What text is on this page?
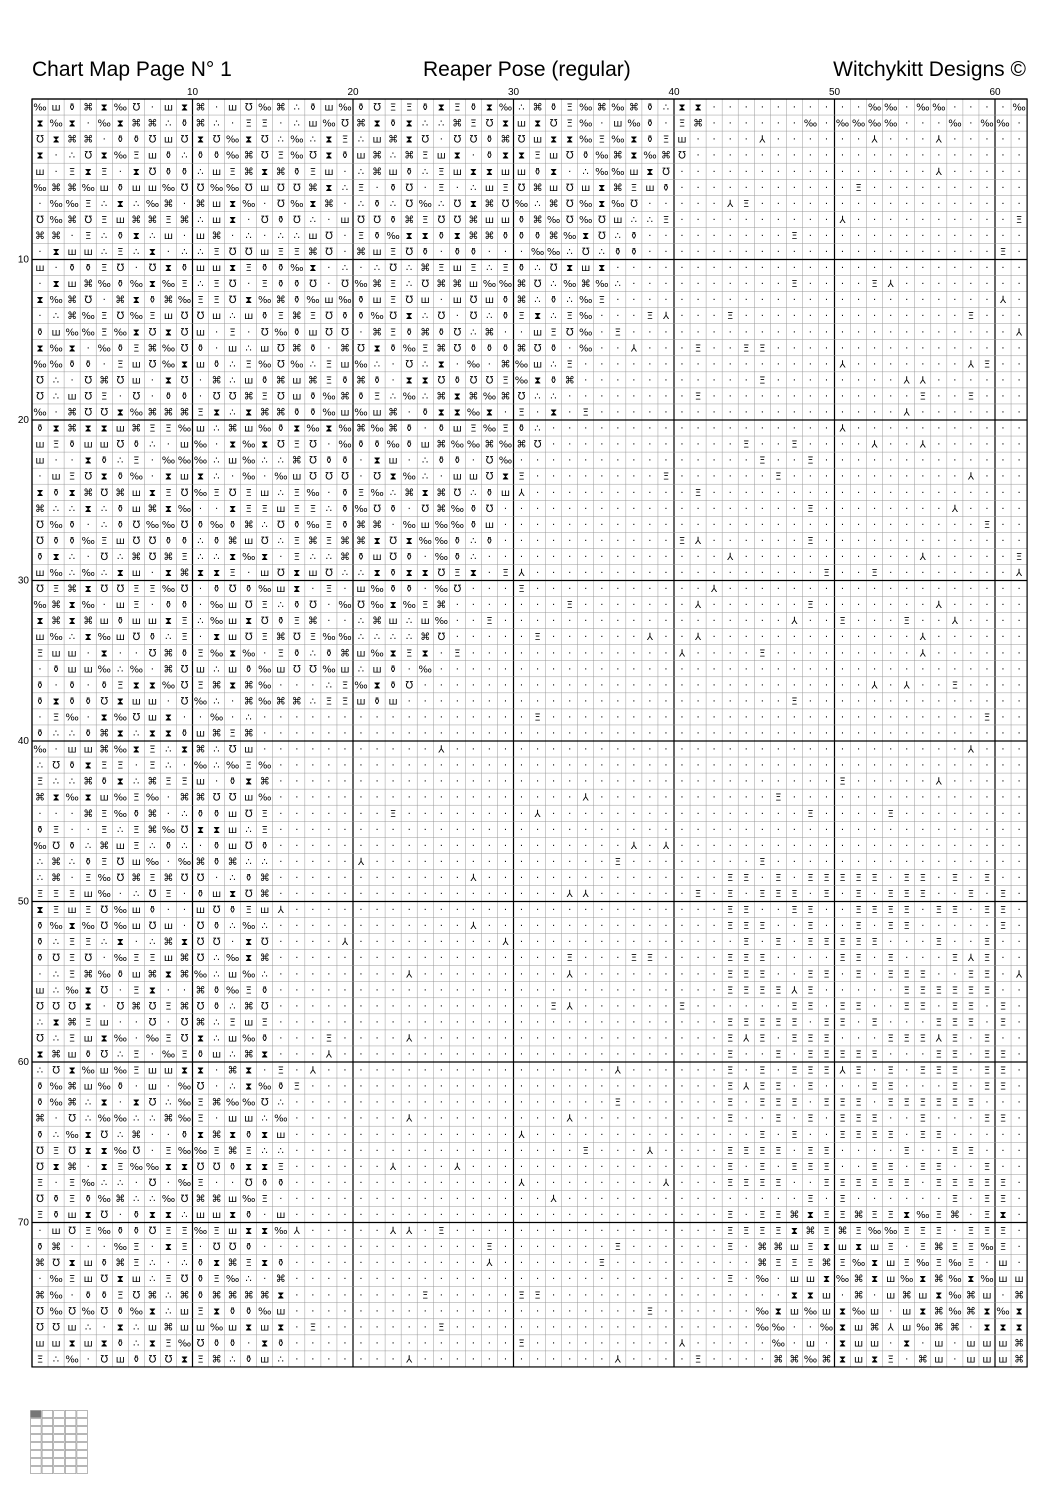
Chart Map Page N° 1	Reaper Pose (regular)	Witchykitt Designs ©
‰ ш ⚱ ⌘ ⧗ ‰ ℧ · ш ⧗ ⌘ · ш ℧ ‰ ⌘ ∴ ⚱ ш ‰ ⚱ ℧ Ξ Ξ ⚱ ⧗ Ξ ⚱ ⧗ ‰ ∴ ⌘ ⚱ Ξ ‰ ⌘ ‰ ⌘ ⚱ ∴ ⧗ ⧗ · · · · · · · · · · ‰ ‰ · ‰ ‰ · · · · ‰
⧗ ‰ ⧗ · ‰ ⧗ ⌘ ⌘ ∴ ⚱ ⌘ ∴ · Ξ Ξ · ∴ ш ‰ ℧ ⌘ ⧗ ⚱ ⧗ ∴ ∴ ⌘ Ξ ℧ ⧗ ш ⧗ ℧ Ξ ‰ · ш ‰ ⚱ · Ξ ⌘ · · · · · · ‰ · ‰ ‰ ‰ ‰ · · · ‰ · ‰ ‰ ·
℧ ⧗ ⌘ ⌘ · ⚱ ⚱ ℧ ш ℧ ⧗ ℧ ‰ ⧗ ℧ ∴ ‰ ∴ ⧗ Ξ ∴ ш ⌘ ⧗ ℧ · ℧ ℧ ⚱ ⌘ ℧ ш ⧗ ⧗ ‰ Ξ ‰ ⧗ ⚱ Ξ ш · · · · ⅄ · · · · · · ⅄ · · · ⅄ · · · · ·
⧗ · ∴ ℧ ⧗ ‰ Ξ ш ⚱ ∴ ⚱ ⚱ ‰ ⌘ ℧ Ξ ‰ ℧ ⧗ ⚱ ш ⌘ ∴ ⌘ Ξ ш ⧗ · ⚱ ⧗ ⧗ Ξ ш ℧ ⚱ ‰ ⌘ ⧗ ‰ ⌘ ℧ · · · · · · · · · · · · · · · · · · · · ·
ш · Ξ ⧗ Ξ · ⧗ ℧ ⚱ ⚱ ∴ ш Ξ ⌘ ⧗ ⌘ ⚱ Ξ ш · ∴ ⌘ ш ⚱ ∴ Ξ ш ⧗ ⧗ ш ш ⚱ ⧗ · ∴ ‰ ‰ ш ⧗ ℧ · · · · · · · · · · · · · · · · ⅄ · · · · ·
‰ ⌘ ⌘ ‰ ш ⚱ ш ш ‰ ℧ ℧ ‰ ‰ ℧ ш ℧ ℧ ⌘ ⧗ ∴ Ξ · ⚱ ℧ · Ξ · ∴ ш Ξ ℧ ⌘ ш ℧ ш ⧗ ⌘ Ξ ш ⚱ · · · · · · · · · · · Ξ · · · · · · · · · ·
· ‰ ‰ Ξ ∴ ⧗ ∴ ‰ ⌘ · ⌘ ш ⧗ ‰ · ℧ ‰ ⧗ ⌘ · ∴ ⚱ ∴ ℧ ‰ ∴ ℧ ⧗ ⌘ ℧ ‰ ∴ ⌘ ℧ ‰ ⧗ ‰ ℧ · · · · · ⅄ Ξ · · · · · · · · · · · · · · · · ·
℧ ‰ ⌘ ℧ Ξ ш ⌘ ⌘ Ξ ⌘ ∴ ш ⧗ · ℧ ⚱ ℧ ∴ · ш ℧ ℧ ⚱ ⌘ Ξ ℧ ℧ ⌘ ш ш ⚱ ⌘ ‰ ℧ ‰ ℧ ш ∴ ∴ Ξ · · · · · · · · · · ⅄ · · · · · · · · · · Ξ
⌘ ⌘ · Ξ ∴ ⚱ ⧗ ∴ ш · ш ⌘ · ∴ · ∴ ∴ ш ℧ · Ξ ⚱ ‰ ⧗ ⧗ ⚱ ⧗ ⌘ ⌘ ⚱ ⚱ ⚱ ⌘ ‰ ⧗ ℧ ∴ ⚱ · · · · · · · · · Ξ · · · · · · · · · · · · · ·
· ⧗ ш ш ∴ Ξ ∴ ⧗ · ∴ ∴ Ξ ℧ ℧ ш Ξ Ξ ⌘ ℧ · ⌘ ш Ξ ℧ ⚱ · ⚱ ⚱ · · · ‰ ‰ ∴ ℧ ∴ ⚱ ⚱ · · · · · · · · · · · · · · · · · · · · · · Ξ ·
ш · ⚱ ⚱ Ξ ℧ · ℧ ⧗ ⚱ ш ш ⧗ Ξ ⚱ ⚱ ‰ ⧗ · ∴ · ∴ ℧ ∴ ⌘ Ξ ш Ξ ∴ Ξ ⚱ ∴ ℧ ⧗ ш ⧗ · · · · · · · · · · · · · · · · · · · · · · · · · ·
· ⧗ ш ⌘ ‰ ⚱ ‰ ⧗ ‰ Ξ ∴ Ξ ℧ · Ξ ⚱ ⚱ ℧ · ℧ ‰ ⌘ Ξ ∴ ℧ ⌘ ⌘ ш ‰ ‰ ⌘ ℧ ∴ ‰ ⌘ ‰ ∴ · · · · · · · · · · Ξ · · · · Ξ ⅄ · · · · · · · ·
⧗ ‰ ⌘ ℧ · ⌘ ⧗ ⚱ ⌘ ‰ Ξ Ξ ℧ ⧗ ‰ ⌘ ⚱ ‰ ш ‰ ⚱ ш Ξ ℧ ш · ш ℧ ш ⚱ ⌘ ∴ ⚱ ∴ ‰ Ξ · · · · · · · · · · · · · · · · · · · · · · · · ⅄ ·
· ∴ ⌘ ‰ Ξ ℧ ‰ Ξ ш ℧ ℧ ш ∴ ш ⚱ Ξ ⌘ Ξ ℧ ⚱ ⚱ ‰ ℧ ⧗ ∴ ℧ · ℧ ∴ ⚱ Ξ ⧗ ∴ Ξ ‰ · · · Ξ ⅄ · · · Ξ · · · · · · · · · · · · · · Ξ · · ·
⚱ ш ‰ ‰ Ξ ‰ ⧗ ℧ ⧗ ℧ ш · Ξ · ℧ ‰ ⚱ ш ℧ ℧ · ⌘ Ξ ⚱ ⌘ ⚱ ℧ ∴ ⌘ · · ш Ξ ℧ ‰ · Ξ · · · · · · · · · · · · · · · · · · · · · · · · ⅄
⧗ ‰ ⧗ · ‰ ⚱ Ξ ⌘ ‰ ℧ ⚱ · ш ∴ ш ℧ ⌘ ⚱ · ⌘ ℧ ⧗ ⚱ ‰ Ξ ⌘ ℧ ⚱ ⚱ ⚱ ⌘ ℧ ⚱ · ‰ · · ⅄ · · · Ξ · · Ξ Ξ · · · · · · · · · · · · · · · ·
‰ ‰ ⚱ ⚱ · Ξ ш ℧ ‰ ⧗ ш ⚱ ∴ Ξ ‰ ℧ ‰ ∴ Ξ ш ‰ ∴ · ℧ ∴ ⧗ · ‰ · ⌘ ‰ ш ∴ Ξ · · · · · · · · · · · · · · · · ⅄ · · · · · · · ⅄ Ξ · ·
℧ ∴ · ℧ ⌘ ℧ ш · ⧗ ℧ · ⌘ ∴ ш ⚱ ⌘ ш ⌘ Ξ ⚱ ⌘ ⚱ · ⧗ ⧗ ℧ ⚱ ℧ ℧ Ξ ‰ ⧗ ⚱ ⌘ · · · · · · · · · · · Ξ · · · · · · · · ⅄ ⅄ · · · · · ·
℧ ∴ ш ℧ Ξ · ℧ · ⚱ ⚱ · ℧ ℧ ⌘ Ξ ℧ ш ⚱ ‰ ⌘ ⚱ Ξ ∴ ‰ ∴ ⌘ ⧗ ⌘ ‰ ⌘ ℧ ∴ ∴ · · · · · · · · Ξ · · · · · · · · · · · · · Ξ · · Ξ · · ·
‰ · ⌘ ℧ ℧ ⧗ ‰ ⌘ ⌘ ⌘ Ξ ⧗ ∴ ⧗ ⌘ ⌘ ⚱ ⚱ ‰ ш ‰ ш ⌘ · ⚱ ⧗ ⧗ ‰ ⧗ · Ξ · ⧗ · Ξ · · · · · · · · · · · · · · · · · · · ⅄ · · · · · · ·
⚱ ⧗ ⌘ ⧗ ⧗ ш ⌘ Ξ Ξ ‰ ш ∴ ⌘ ш ‰ ⚱ ⧗ ‰ ⧗ ‰ ⌘ ‰ ⌘ ⚱ · ⚱ ш Ξ ‰ Ξ ⚱ ∴ · · · · · · · · · · · · · · · · · · ⅄ · · · · · · · · · · ·
ш Ξ ⚱ ш ш ℧ ⚱ ∴ · ш ‰ · ⧗ ‰ ⧗ ℧ Ξ ℧ · ‰ ⚱ ⚱ ‰ ⚱ ш ⌘ ‰ ‰ ⌘ ‰ ⌘ ℧ · · · · · · · · · · · · Ξ · · Ξ · · · · ⅄ · · ⅄ · · · · · ·
ш · · ⧗ ⚱ ∴ Ξ · ‰ ‰ ‰ ∴ ш ‰ ∴ ∴ ⌘ ℧ ⚱ ⚱ · ⧗ ш · ∴ ⚱ ⚱ · ℧ ‰ · · · · · · · · · · · · · · · Ξ · · Ξ · · · · · · · · · · · · ·
· ш Ξ ℧ ⧗ ⚱ ‰ · ⧗ ш ⧗ ∴ · ‰ · ‰ ш ℧ ℧ ℧ · ℧ ⧗ ‰ ∴ · ш ш ℧ ⧗ Ξ · · · · · · · · Ξ · · · · · · Ξ · · · · · · · · · · · ⅄ · · ·
⧗ ⚱ ⧗ ⌘ ℧ ⌘ ш ⧗ Ξ ℧ ‰ Ξ ℧ Ξ ш ∴ Ξ ‰ · ⚱ Ξ ‰ ∴ ⌘ ⧗ ⌘ ℧ ∴ ⚱ ш ⅄ · · · · · · · · · · Ξ · · · · · · · · · · · · · · · · · · · ·
⌘ ∴ ∴ ⧗ ∴ ⚱ ш ⌘ ⧗ ‰ · · ⧗ Ξ Ξ ш Ξ Ξ ∴ ⚱ ‰ ℧ ⚱ · ℧ ⌘ ‰ ⚱ ℧ · · · · · · · · · · · · · · · · · · · Ξ · · · · · · · · ⅄ · · · ·
℧ ‰ ⚱ · ∴ ⚱ ℧ ‰ ‰ ℧ ⚱ ‰ ⚱ ⌘ ∴ ℧ ⚱ ‰ Ξ ⚱ ⌘ ⌘ · ‰ ш ‰ ‰ ⚱ ш · · · · · · · · · · · · · · · · · · · · · · · · · · · · · · Ξ · ·
℧ ⚱ ⚱ ‰ Ξ ш ℧ ℧ ⚱ ⚱ ∴ ⚱ ⌘ ш ℧ ∴ Ξ ⌘ Ξ ⌘ ⌘ ⧗ ℧ ⧗ ‰ ‰ ⚱ ∴ ⚱ · · · · · · · · · · · Ξ ⅄ · · · · · · Ξ · · · · · · · · · · · · ·
⚱ ⧗ ∴ · ℧ ∴ ⌘ ℧ ⌘ Ξ ∴ ∴ ⧗ ‰ ⧗ · Ξ ∴ ∴ ⌘ ⚱ ш ℧ ⚱ · ‰ ⚱ ∴ · · · · · · · · · · · · · · · ⅄ · · · · · · · · · · · ⅄ · · · · · Ξ
ш ‰ ∴ ‰ ∴ ⧗ ш · ⧗ ⌘ ⧗ ⧗ Ξ · ш ℧ ⧗ ш ℧ ∴ ∴ ⧗ ⚱ ⧗ ⧗ ℧ Ξ ⧗ · Ξ ⅄ · · · · · · · · · · · · · · · · · · Ξ · · Ξ · · · · · · · · ⅄
℧ Ξ ⌘ ⧗ ℧ ℧ Ξ Ξ ‰ ℧ · ⚱ ℧ ⚱ ‰ ш ⧗ · Ξ · ш ‰ ⚱ ⚱ · ‰ ℧ · · · Ξ · · · · · · · · · · · ⅄ · · · · · · · · · · · · · · · · · · ·
‰ ⌘ ⧗ ‰ · ш Ξ · ⚱ ⚱ · ‰ ш ℧ Ξ ∴ ⚱ ℧ · ‰ ℧ ‰ ⧗ ‰ Ξ ⌘ · · · · · · · Ξ · · · · · · · ⅄ · · · · · · Ξ · · · · · · · ⅄ · · · · ·
⧗ ⌘ ⧗ ⌘ ш ⚱ ш ш ⧗ Ξ ∴ ‰ ш ⧗ ℧ ⚱ Ξ ⌘ · · ∴ ⌘ ш ∴ ш ‰ · · Ξ · · · · · · · · · · · · · · · · · · ⅄ · · Ξ · · · Ξ · · ⅄ · · · ·
ш ‰ ∴ ⧗ ‰ ш ℧ ⚱ ∴ Ξ · ⧗ ш ℧ Ξ ⌘ ℧ Ξ ‰ ‰ ∴ ∴ ∴ ∴ ⌘ ℧ · · · · · Ξ · · · · · · ⅄ · · ⅄ · · · · · · · · · · · · · ⅄ · · · · · ·
Ξ ш ш · ⧗ · · ℧ ⌘ ⚱ Ξ ‰ ⧗ ‰ · Ξ ⚱ ∴ ⚱ ⌘ ш ‰ ⧗ Ξ ⧗ · Ξ · · · · · · · · · · · · · ⅄ · · · · Ξ · · · · · · · · · ⅄ · · · · · ·
· ⚱ ш ш ‰ ∴ ‰ · ⌘ ℧ ш ∴ ш ⚱ ‰ ш ℧ ℧ ‰ ш ∴ ш ⚱ · ‰ · · · · · · · · · · · · · · · · · · · · · · · · · · · · · · · · · · · · ·
⚱ · ⚱ · ⚱ Ξ ⧗ ⧗ ‰ ℧ Ξ ⌘ ⧗ ⌘ ‰ · · · ∴ Ξ ‰ ⧗ ⚱ ℧ · · · · · · · · · · · · · · · · · · · · · · · · · · · · ⅄ · ⅄ · · Ξ · · · ·
⚱ ⧗ ⚱ ⚱ ℧ ⧗ ш ш · ℧ ‰ ∴ · ⌘ ‰ ⌘ ⌘ ∴ Ξ Ξ ш ⚱ ш · · · · · · · · · · · · · · · · · · · · · · · · Ξ · · · · · · · · · · · · · ·
· Ξ ‰ · ⧗ ‰ ℧ ш ⧗ · · ‰ · ∴ · · · · · · · · · · · · · · · · · Ξ · · · · · · · · · · · · · · · · · · · · · · · · · · · Ξ · ·
⚱ ∴ ∴ ⚱ ⌘ ⧗ ∴ ⧗ ⧗ ⚱ ш ⌘ Ξ ⌘ · · · · · · · · · · · · · · · · · · · · · · · · · · · · · · · · · · · · · · · · · · · · · · · ·
‰ · ш ш ⌘ ‰ ⧗ Ξ ∴ ⧗ ⌘ ∴ ℧ ш · · · · · · · · · · · ⅄ · · · · · · · · · · · · · · · · · · · · · · · · · · · · · · · · ⅄ · · ·
∴ ℧ ⚱ ⧗ Ξ Ξ · Ξ ∴ · ‰ ∴ ‰ Ξ ‰ · · · · · · · · · · · · · · · · · · · · · · · · · · · · · · · · · · · · · · · · · · · · · · ·
Ξ ∴ ∴ ⌘ ⚱ ⧗ ∴ ⌘ Ξ Ξ ш · ⚱ ⧗ ⌘ · · · · · · · · · · · · · · · · · · · · · · · · · · · · · · · · · · · Ξ · · · · · ⅄ · · · · ·
⌘ ⧗ ‰ ⧗ ш ‰ Ξ ‰ · ⌘ ⌘ ℧ ℧ ш ‰ · · · · · · · · · · · · · · · · · · · ⅄ · · · · · · · · · · · Ξ · · · · · · · · · · · · · · ·
· · · ⌘ Ξ ‰ ⚱ ⌘ · ∴ ⚱ ⚱ ш ℧ Ξ · · · · · · · Ξ · · · · · · · · ⅄ · · · · · · · · · · · · · · · · Ξ · · · · Ξ · · · · · · · ·
⚱ Ξ · · Ξ ∴ Ξ ⌘ ‰ ℧ ⧗ ⧗ ш ∴ Ξ · · · · · · · · · · · · · · · · · · · · · · · · · · · · · · · · · · · · · · · · · · · · · · ·
‰ ℧ ⚱ ∴ ⌘ ш Ξ ∴ ⚱ ∴ · ⚱ ш ℧ ⚱ · · · · · · · · · · · · · · · · · · · · · · ⅄ · ⅄ · · · · · · · · · · · · · · · · · · · · · ·
∴ ⌘ ∴ ⚱ Ξ ℧ ш ‰ · ‰ ⌘ ⚱ ⌘ ∴ ∴ · · · · · ⅄ · · · · · · · · · · · · · · · Ξ · · · · · · · · Ξ · · · · · · · · · · · · · · · ·
∴ ⌘ · Ξ ‰ ℧ ⌘ Ξ ⌘ ℧ ℧ · ∴ ⚱ ⌘ · · · · · · · · · · · · ⅄ · · · · · · · · · · · · · · · Ξ Ξ · Ξ · Ξ Ξ Ξ Ξ Ξ · Ξ Ξ · Ξ · Ξ · ·
Ξ Ξ Ξ ш ‰ · ∴ ℧ Ξ · ⚱ ш ⧗ ℧ ⌘ · · · · · · · · · · · · · · · · · · ⅄ ⅄ · · · · · · Ξ · Ξ · Ξ Ξ Ξ · Ξ · Ξ · Ξ Ξ Ξ · · Ξ · Ξ ·
⧗ Ξ ш Ξ ℧ ‰ ш ⚱ · · ш ℧ ⚱ Ξ ш ⅄ · · · · · · · · · · · · · · · · · · · · · · · · · · · Ξ Ξ · · Ξ Ξ · · Ξ Ξ Ξ Ξ · Ξ Ξ · Ξ Ξ ·
⚱ ‰ ⧗ ‰ ℧ ‰ ш ℧ ш · ℧ ⚱ ∴ ‰ ∴ · · · · · · · · · · · · ⅄ · · · · · · · · · · · · · · · Ξ Ξ Ξ · · Ξ · · Ξ · Ξ Ξ · · · · · Ξ ·
⚱ ∴ Ξ Ξ ∴ ⧗ · ∴ ⌘ ⧗ ℧ ℧ · ⧗ ℧ · · · · ⅄ · · · · · · · · · ⅄ · · · · · · · · · · · · · · Ξ · Ξ · Ξ Ξ Ξ Ξ Ξ · · · Ξ · · Ξ · ·
⚱ ℧ Ξ ℧ · ‰ Ξ Ξ ш ⌘ ℧ ∴ ‰ ⧗ ⌘ · · · · · · · · · · · · · · · · · · Ξ · · · Ξ Ξ · · · · Ξ Ξ Ξ · · · · Ξ Ξ · Ξ · · · Ξ ⅄ Ξ · ·
· ∴ Ξ ⌘ ‰ ⚱ ш ⌘ ⧗ ⌘ ‰ ∴ ш ‰ ∴ · · · · · · · · ⅄ · · · · · · · · · ⅄ · · · · · · · · · Ξ Ξ Ξ · · Ξ Ξ · Ξ · Ξ Ξ Ξ · · Ξ Ξ · ⅄
ш ∴ ‰ ⧗ ℧ · Ξ ⧗ · · ⌘ ⚱ ‰ Ξ ⚱ · · · · · · · · · · · · · · · · · · · · · · · · · · · · Ξ Ξ Ξ Ξ ⅄ Ξ · · · · · Ξ Ξ Ξ Ξ Ξ Ξ · ·
℧ ℧ ℧ ⧗ · ℧ ⌘ ℧ Ξ ⌘ ℧ ⚱ ∴ ⌘ ℧ · · · · · · · · · · · · · · · · · Ξ ⅄ · · · · · · Ξ · · · · · · Ξ Ξ · Ξ Ξ · · Ξ Ξ · Ξ Ξ · Ξ ·
∴ ⧗ ⌘ Ξ ш · · ℧ · ℧ ⌘ ∴ Ξ ш Ξ · · · · · · · · · · · · · · · · · · · · · · · · · · · · Ξ Ξ Ξ Ξ Ξ · Ξ Ξ · Ξ · · · Ξ Ξ Ξ · Ξ ·
℧ ∴ Ξ ш ⧗ ‰ · ‰ Ξ ℧ ⧗ ∴ ш ‰ ⚱ · · · Ξ · · · · ⅄ · · · · · · · · · · · · · · · · · · · Ξ ⅄ Ξ · Ξ Ξ Ξ · · · Ξ Ξ Ξ ⅄ Ξ · Ξ · ·
⧗ ⌘ ш ⚱ ℧ ∴ Ξ · ‰ Ξ ⚱ ш ∴ ⌘ ⧗ · · · ⅄ · · · · · · · · · · · · · · · · · · · · · · · · Ξ · · Ξ · Ξ Ξ Ξ Ξ Ξ · · · Ξ Ξ · Ξ Ξ ·
∴ ℧ ⧗ ‰ ш ‰ Ξ ш ш ⧗ ⧗ · ⌘ ⧗ · Ξ · ⅄ · · · · · · · · · · · · · · · · · · ⅄ · · · · · · Ξ · Ξ · Ξ Ξ Ξ ⅄ Ξ · Ξ · Ξ Ξ Ξ · Ξ Ξ ·
⚱ ‰ ⌘ ш ‰ ⚱ · ш · ‰ ℧ · ∴ ⧗ ‰ ⚱ Ξ · · · · · · · · · · · · · · · · · · · · · · · · · · Ξ ⅄ Ξ Ξ · Ξ · · · Ξ Ξ · · · Ξ · Ξ Ξ ·
⚱ ‰ ⌘ ∴ ⧗ · ⧗ ℧ ∴ ‰ Ξ ⌘ ‰ ‰ ℧ ∴ · · · · · · · · · · · · · · · · · · · · Ξ · · · · · · Ξ · Ξ Ξ Ξ · Ξ Ξ Ξ · Ξ Ξ Ξ Ξ Ξ Ξ · · ·
⌘ · ℧ ∴ ‰ ‰ ∴ ∴ ⌘ ‰ Ξ · ш ш ∴ ‰ · · · · · · · ⅄ · · · · · · · · · ⅄ · · · · · · · · · Ξ · · Ξ · Ξ · Ξ Ξ Ξ · · Ξ · · · Ξ Ξ ·
⚱ ∴ ‰ ⧗ ℧ ∴ ⌘ · · ⚱ ⧗ ⌘ ⧗ ⚱ ⧗ ш · · · · · · · · · · · · · · ⅄ · · · · · · · · · · · · · · Ξ · Ξ · · Ξ Ξ Ξ Ξ · Ξ Ξ · · · · ·
℧ Ξ ℧ ⧗ ⧗ ‰ ℧ · Ξ ‰ ‰ Ξ ⌘ Ξ ∴ ∴ · · · · · · · · · · · · · · · · · · Ξ · · · ⅄ · · · · Ξ Ξ Ξ Ξ · Ξ Ξ · · · · Ξ · · Ξ Ξ · · ·
℧ ⧗ ⌘ · ⧗ Ξ ‰ ‰ ⧗ ⧗ ℧ ℧ ⚱ ⧗ ⧗ Ξ · · · · · · ⅄ · · · ⅄ · · · · · · · · · · · · · · · · Ξ · Ξ · Ξ Ξ Ξ · · Ξ Ξ · Ξ Ξ · · Ξ · ·
Ξ · Ξ ‰ ∴ ∴ · ℧ · ‰ Ξ · · ℧ ⚱ ⚱ · · · · · · · · · · · · · · ⅄ · · · · · · · · ⅄ · · · Ξ Ξ Ξ Ξ · · Ξ Ξ Ξ Ξ Ξ Ξ · Ξ Ξ Ξ Ξ Ξ ·
℧ ⚱ Ξ ⚱ ‰ ⌘ ∴ ∴ ‰ ℧ ⌘ ⌘ ш ‰ Ξ · · · · · · · · · · · · · · · · · ⅄ · · · · · · · · · · · · · · · Ξ · Ξ · · · · · · Ξ · Ξ Ξ ·
Ξ ⚱ ш ⧗ ℧ · ⚱ ⧗ ⧗ ∴ ш ш ⧗ ⚱ · ш · · · · · · · · · · · · · · · · · · · · · · · · · · · Ξ · Ξ Ξ ⌘ ⧗ Ξ Ξ ⌘ Ξ Ξ ⧗ ‰ Ξ ⌘ · Ξ ⧗ ·
· ш ℧ Ξ ‰ ⚱ ⚱ ℧ Ξ Ξ ‰ Ξ ш ⧗ ⧗ ‰ ⅄ · · · · · ⅄ ⅄ · Ξ · · · · · · · · · · · · · · · · · Ξ Ξ Ξ Ξ ⧗ ⌘ Ξ ⌘ Ξ ‰ ‰ Ξ Ξ Ξ · Ξ Ξ Ξ ·
⚱ ⌘ · · · ‰ Ξ · ⧗ Ξ · ℧ ℧ ⚱ · · · · · · · · · · · · · · Ξ · · · · · · · Ξ · · · · · · Ξ · ⌘ ⌘ ш Ξ ⧗ ш ⧗ ш Ξ · Ξ ⌘ Ξ Ξ ‰ Ξ ·
⌘ ℧ ⧗ ш ⚱ ⌘ Ξ ∴ · ∴ ⚱ ⧗ ⌘ Ξ ⧗ ⚱ · · · · · · · · · · · · ⅄ · · · · · · Ξ · · · · · · · · · ⌘ Ξ Ξ Ξ ⌘ Ξ ‰ ⧗ ш Ξ ‰ Ξ ‰ Ξ · ш ·
· ‰ Ξ ш ℧ ⧗ ш ∴ Ξ ℧ ⚱ Ξ ‰ ∴ · ⌘ · · · · · · · · · · · · · · · · · · · · · · · · · · · Ξ · ‰ · ш ш ⧗ ‰ ⌘ ⧗ ш ‰ ⧗ ⌘ ‰ ⧗ ‰ ш ш
⌘ ‰ · ⚱ ⚱ Ξ ℧ ⌘ ∴ ⌘ ⚱ ⌘ ⌘ ⌘ ⌘ ⧗ · · · · · · · · Ξ · · · · · Ξ Ξ · · · · · · · · · · · · · · · ⧗ ⧗ ш · ⌘ · ш ⌘ ш ⧗ ‰ ⌘ ш · ⌘
℧ ‰ ℧ ‰ ℧ ⚱ ‰ ⧗ ∴ ш Ξ ⧗ ⚱ ⚱ ‰ ш · · · · · · · · · · · · · · · · · · · · · · Ξ · · · · · · ‰ ⧗ ш ‰ ш ⧗ ‰ ш · ш ⧗ ⌘ ‰ ⌘ ⧗ ‰ ⧗
℧ ℧ ш ∴ · ⧗ ∴ ш ⌘ ш ш ‰ ш ⧗ ш ⧗ · Ξ · · · · · · · Ξ · · · · · · · · · · · · · · · · · · · ‰ ‰ · · ‰ ⧗ ш ⌘ ⅄ ш ‰ ⌘ ⌘ · ⧗ ⧗ ⧗
ш ш ⧗ ш ⧗ ⚱ ∴ ⧗ Ξ ‰ ℧ ⚱ ⚱ · ⧗ ⚱ · · · · · · · · · · · · · · Ξ · · · · · · · · · ⅄ · · · · · ‰ · ш · ⧗ ш ш · ⧗ · ш · ш ш ш ⌘
Ξ ∴ ‰ · ℧ ш ⚱ ℧ ℧ ⧗ Ξ ⌘ ∴ ⚱ ш ∴ · · · · · · · ⅄ · · · · · · · · · · · · ⅄ · · · · Ξ · · · · ⌘ ⌘ ‰ ⌘ ⧗ ш ⧗ Ξ · ⌘ ш · ш ш ш ⌘
10	20	30	40	50	60
10
20
30
40
50
60
70
